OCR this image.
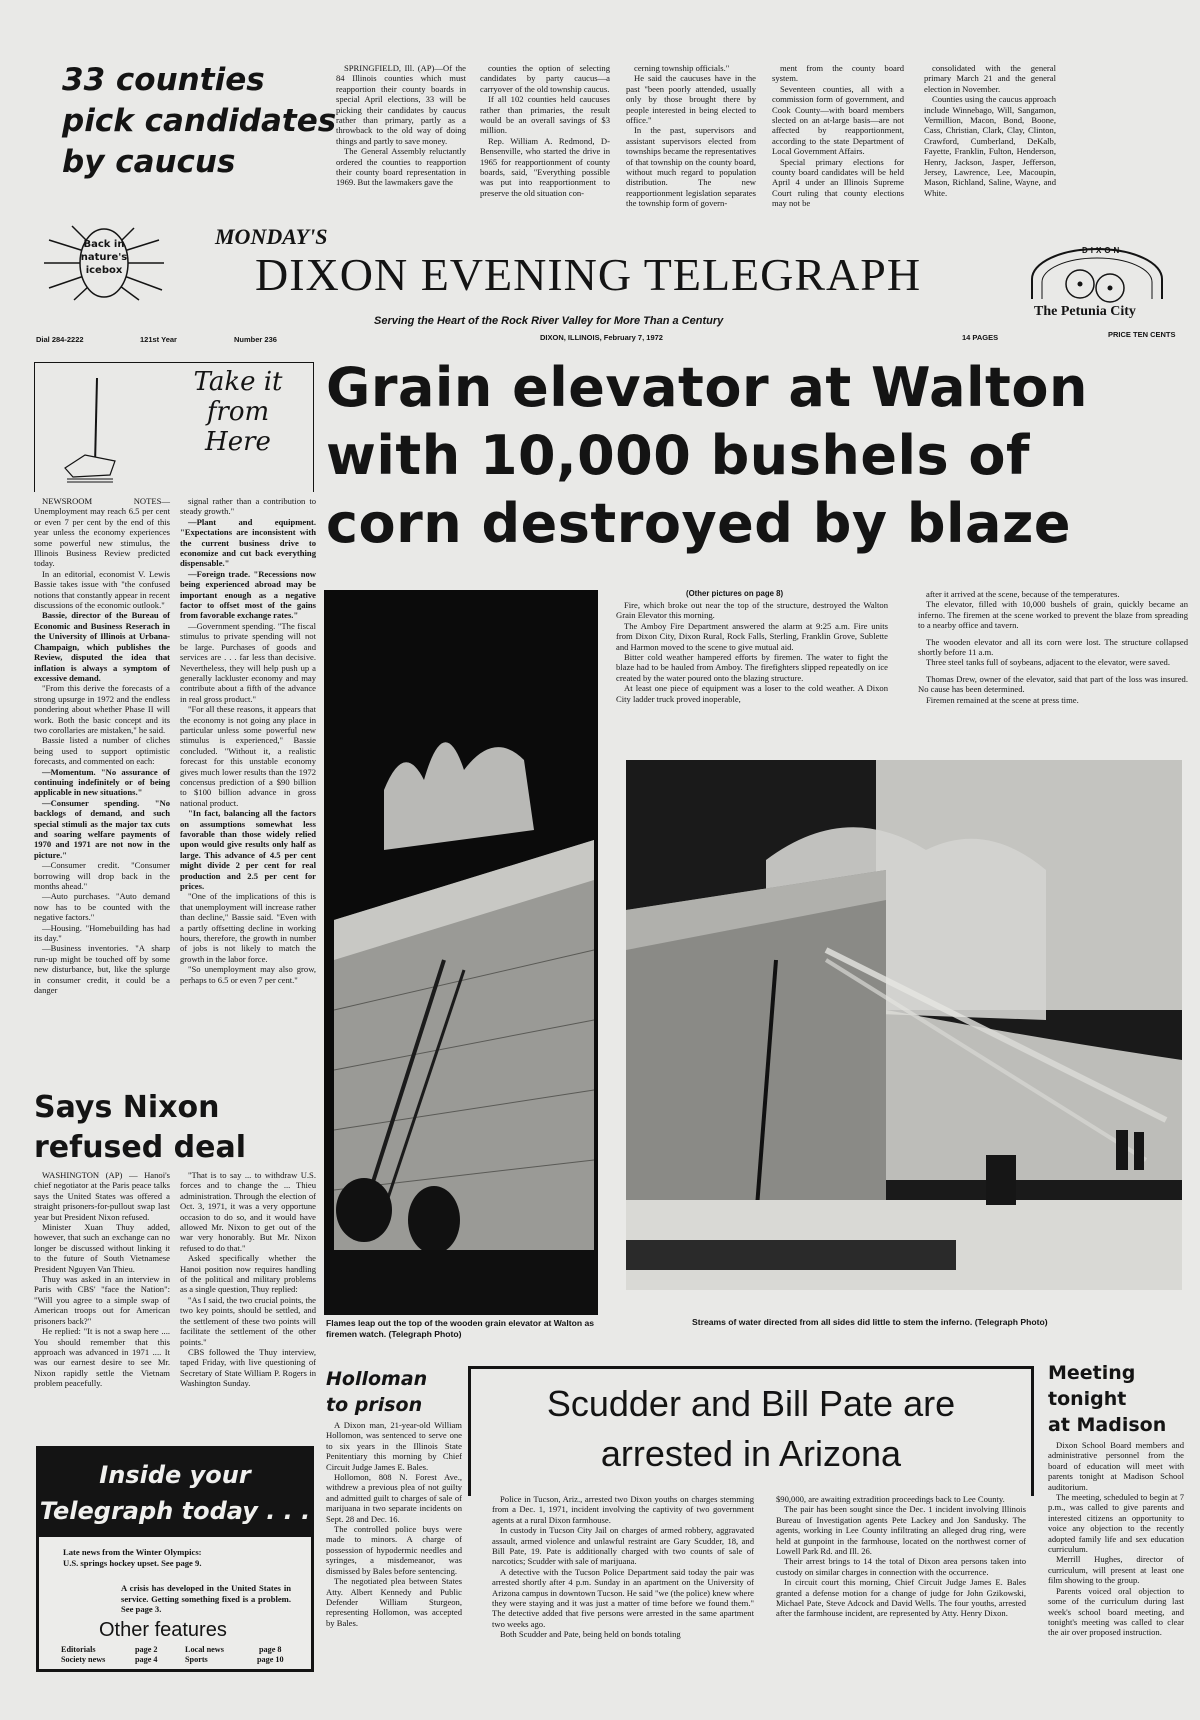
33 counties
pick candidates
by caucus

SPRINGFIELD, Ill. (AP)—Of the 84 Illinois counties which must reapportion their county boards in special April elections, 33 will be picking their candidates by caucus rather than primary, partly as a throwback to the old way of doing things and partly to save money.

The General Assembly reluctantly ordered the counties to reapportion their county board representation in 1969. But the lawmakers gave the

counties the option of selecting candidates by party caucus—a carryover of the old township caucus.

If all 102 counties held caucuses rather than primaries, the result would be an overall savings of $3 million.

Rep. William A. Redmond, D-Bensenville, who started the drive in 1965 for reapportionment of county boards, said, "Everything possible was put into reapportionment to preserve the old situation con-

cerning township officials."

He said the caucuses have in the past "been poorly attended, usually only by those brought there by people interested in being elected to office."

In the past, supervisors and assistant supervisors elected from townships became the representatives of that township on the county board, without much regard to population distribution. The new reapportionment legislation separates the township form of govern-

ment from the county board system.

Seventeen counties, all with a commission form of government, and Cook County—with board members slected on an at-large basis—are not affected by reapportionment, according to the state Department of Local Government Affairs.

Special primary elections for county board candidates will be held April 4 under an Illinois Supreme Court ruling that county elections may not be

consolidated with the general primary March 21 and the general election in November.

Counties using the caucus approach include Winnebago, Will, Sangamon, Vermillion, Macon, Bond, Boone, Cass, Christian, Clark, Clay, Clinton, Crawford, Cumberland, DeKalb, Fayette, Franklin, Fulton, Henderson, Henry, Jackson, Jasper, Jefferson, Jersey, Lawrence, Lee, Macoupin, Mason, Richland, Saline, Wayne, and White.

Back in
nature's
icebox
MONDAY'S
DIXON EVENING TELEGRAPH
Serving the Heart of the Rock River Valley for More Than a Century
DIXON
The Petunia City
Dial 284-2222	121st Year	Number 236	DIXON, ILLINOIS, February 7, 1972	14 PAGES	PRICE TEN CENTS
Take it
from
Here

NEWSROOM NOTES— Unemployment may reach 6.5 per cent or even 7 per cent by the end of this year unless the economy experiences some powerful new stimulus, the Illinois Business Review predicted today.

In an editorial, economist V. Lewis Bassie takes issue with "the confused notions that constantly appear in recent discussions of the economic outlook."

Bassie, director of the Bureau of Economic and Business Reserach in the University of Illinois at Urbana-Champaign, which publishes the Review, disputed the idea that inflation is always a symptom of excessive demand.

"From this derive the forecasts of a strong upsurge in 1972 and the endless pondering about whether Phase II will work. Both the basic concept and its two corollaries are mistaken," he said.

Bassie listed a number of cliches being used to support optimistic forecasts, and commented on each:

—Momentum. "No assurance of continuing indefinitely or of being applicable in new situations."

—Consumer spending. "No backlogs of demand, and such special stimuli as the major tax cuts and soaring welfare payments of 1970 and 1971 are not now in the picture."

—Consumer credit. "Consumer borrowing will drop back in the months ahead."

—Auto purchases. "Auto demand now has to be counted with the negative factors."

—Housing. "Homebuilding has had its day."

—Business inventories. "A sharp run-up might be touched off by some new disturbance, but, like the splurge in consumer credit, it could be a danger

signal rather than a contribution to steady growth."

—Plant and equipment. "Expectations are inconsistent with the current business drive to economize and cut back everything dispensable."

—Foreign trade. "Recessions now being experienced abroad may be important enough as a negative factor to offset most of the gains from favorable exchange rates."

—Government spending. "The fiscal stimulus to private spending will not be large. Purchases of goods and services are . . . far less than decisive. Nevertheless, they will help push up a generally lackluster economy and may contribute about a fifth of the advance in real gross product."

"For all these reasons, it appears that the economy is not going any place in particular unless some powerful new stimulus is experienced," Bassie concluded. "Without it, a realistic forecast for this unstable economy gives much lower results than the 1972 concensus prediction of a $90 billion to $100 billion advance in gross national product.

"In fact, balancing all the factors on assumptions somewhat less favorable than those widely relied upon would give results only half as large. This advance of 4.5 per cent might divide 2 per cent for real production and 2.5 per cent for prices.

"One of the implications of this is that unemployment will increase rather than decline," Bassie said. "Even with a partly offsetting decline in working hours, therefore, the growth in number of jobs is not likely to match the growth in the labor force.

"So unemployment may also grow, perhaps to 6.5 or even 7 per cent."

Says Nixon
refused deal

WASHINGTON (AP) — Hanoi's chief negotiator at the Paris peace talks says the United States was offered a straight prisoners-for-pullout swap last year but President Nixon refused.

Minister Xuan Thuy added, however, that such an exchange can no longer be discussed without linking it to the future of South Vietnamese President Nguyen Van Thieu.

Thuy was asked in an interview in Paris with CBS' "face the Nation": "Will you agree to a simple swap of American troops out for American prisoners back?"

He replied: "It is not a swap here .... You should remember that this approach was advanced in 1971 .... It was our earnest desire to see Mr. Nixon rapidly settle the Vietnam problem peacefully.

"That is to say ... to withdraw U.S. forces and to change the ... Thieu administration. Through the election of Oct. 3, 1971, it was a very opportune occasion to do so, and it would have allowed Mr. Nixon to get out of the war very honorably. But Mr. Nixon refused to do that."

Asked specifically whether the Hanoi position now requires handling of the political and military problems as a single question, Thuy replied:

"As I said, the two crucial points, the two key points, should be settled, and the settlement of these two points will facilitate the settlement of the other points."

CBS followed the Thuy interview, taped Friday, with live questioning of Secretary of State William P. Rogers in Washington Sunday.

Inside your
Telegraph today . . .
Late news from the Winter Olympics:
U.S. springs hockey upset. See page 9.
A crisis has developed in the United States in service. Getting something fixed is a problem. See page 3.
Other features
Editorials	page 2
Society news	page 4
Local news	page 8
Sports	page 10
Grain elevator at Walton
with 10,000 bushels of
corn destroyed by blaze
Flames leap out the top of the wooden grain elevator at Walton as firemen watch. (Telegraph Photo)
(Other pictures on page 8)

Fire, which broke out near the top of the structure, destroyed the Walton Grain Elevator this morning.

The Amboy Fire Department answered the alarm at 9:25 a.m. Fire units from Dixon City, Dixon Rural, Rock Falls, Sterling, Franklin Grove, Sublette and Harmon moved to the scene to give mutual aid.

Bitter cold weather hampered efforts by firemen. The water to fight the blaze had to be hauled from Amboy. The firefighters slipped repeatedly on ice created by the water poured onto the blazing structure.

At least one piece of equipment was a loser to the cold weather. A Dixon City ladder truck proved inoperable,

after it arrived at the scene, because of the temperatures.

The elevator, filled with 10,000 bushels of grain, quickly became an inferno. The firemen at the scene worked to prevent the blaze from spreading to a nearby office and tavern.

The wooden elevator and all its corn were lost. The structure collapsed shortly before 11 a.m.

Three steel tanks full of soybeans, adjacent to the elevator, were saved.

Thomas Drew, owner of the elevator, said that part of the loss was insured. No cause has been determined.

Firemen remained at the scene at press time.

Streams of water directed from all sides did little to stem the inferno. (Telegraph Photo)
Holloman
to prison

A Dixon man, 21-year-old William Hollomon, was sentenced to serve one to six years in the Illinois State Penitentiary this morning by Chief Circuit Judge James E. Bales.

Hollomon, 808 N. Forest Ave., withdrew a previous plea of not guilty and admitted guilt to charges of sale of marijuana in two separate incidents on Sept. 28 and Dec. 16.

The controlled police buys were made to minors. A charge of possession of hypodermic needles and syringes, a misdemeanor, was dismissed by Bales before sentencing.

The negotiated plea between States Atty. Albert Kennedy and Public Defender William Sturgeon, representing Hollomon, was accepted by Bales.

Scudder and Bill Pate are
arrested in Arizona

Police in Tucson, Ariz., arrested two Dixon youths on charges stemming from a Dec. 1, 1971, incident involving the captivity of two government agents at a rural Dixon farmhouse.

In custody in Tucson City Jail on charges of armed robbery, aggravated assault, armed violence and unlawful restraint are Gary Scudder, 18, and Bill Pate, 19. Pate is additionally charged with two counts of sale of narcotics; Scudder with sale of marijuana.

A detective with the Tucson Police Department said today the pair was arrested shortly after 4 p.m. Sunday in an apartment on the University of Arizona campus in downtown Tucson. He said "we (the police) knew where they were staying and it was just a matter of time before we found them." The detective added that five persons were arrested in the same apartment two weeks ago.

Both Scudder and Pate, being held on bonds totaling

$90,000, are awaiting extradition proceedings back to Lee County.

The pair has been sought since the Dec. 1 incident involving Illinois Bureau of Investigation agents Pete Lackey and Jon Sandusky. The agents, working in Lee County infiltrating an alleged drug ring, were held at gunpoint in the farmhouse, located on the northwest corner of Lowell Park Rd. and Ill. 26.

Their arrest brings to 14 the total of Dixon area persons taken into custody on similar charges in connection with the occurrence.

In circuit court this morning, Chief Circuit Judge James E. Bales granted a defense motion for a change of judge for John Gzikowski, Michael Pate, Steve Adcock and David Wells. The four youths, arrested after the farmhouse incident, are represented by Atty. Henry Dixon.

Meeting
tonight
at Madison

Dixon School Board members and administrative personnel from the board of education will meet with parents tonight at Madison School auditorium.

The meeting, scheduled to begin at 7 p.m., was called to give parents and interested citizens an opportunity to voice any objection to the recently adopted family life and sex education curriculum.

Merrill Hughes, director of curriculum, will present at least one film showing to the group.

Parents voiced oral objection to some of the curriculum during last week's school board meeting, and tonight's meeting was called to clear the air over proposed instruction.
